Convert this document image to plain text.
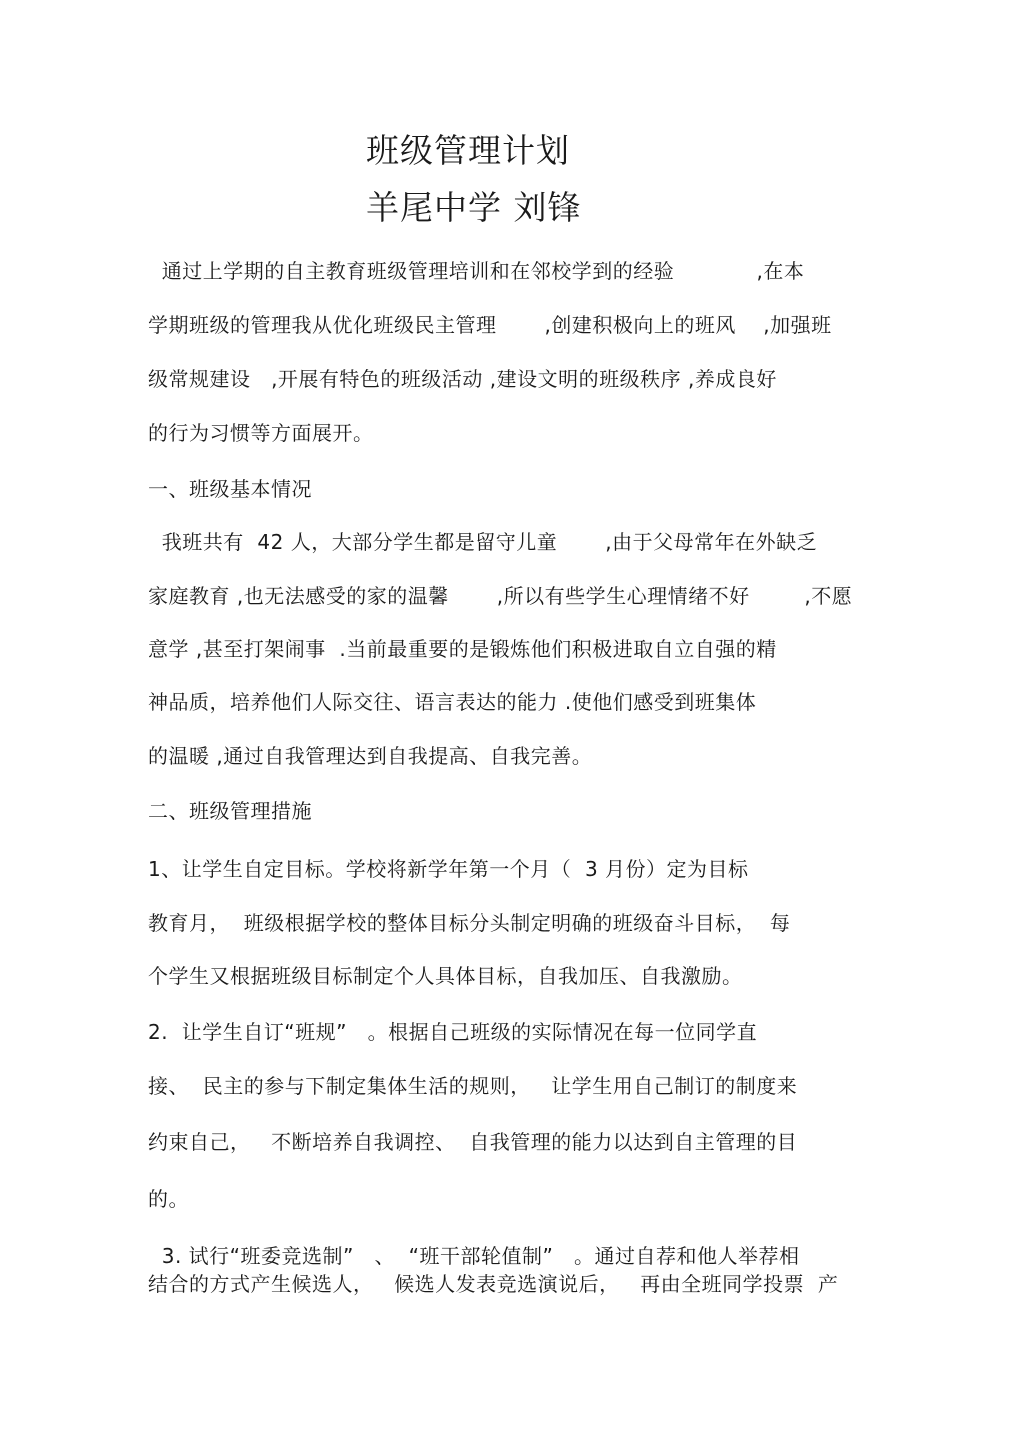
班级管理计划
羊尾中学 刘锋
通过上学期的自主教育班级管理培训和在邻校学到的经验            ,在本
学期班级的管理我从优化班级民主管理       ,创建积极向上的班风    ,加强班
级常规建设   ,开展有特色的班级活动 ,建设文明的班级秩序 ,养成良好
的行为习惯等方面展开。
一、班级基本情况
我班共有  42 人，大部分学生都是留守儿童       ,由于父母常年在外缺乏
家庭教育 ,也无法感受的家的温馨       ,所以有些学生心理情绪不好        ,不愿
意学 ,甚至打架闹事  .当前最重要的是锻炼他们积极进取自立自强的精
神品质，培养他们人际交往、语言表达的能力 .使他们感受到班集体
的温暖 ,通过自我管理达到自我提高、自我完善。
二、班级管理措施
1、让学生自定目标。学校将新学年第一个月（  3 月份）定为目标
教育月，  班级根据学校的整体目标分头制定明确的班级奋斗目标，  每
个学生又根据班级目标制定个人具体目标，自我加压、自我激励。
2.  让学生自订“班规”   。根据自己班级的实际情况在每一位同学直
接、  民主的参与下制定集体生活的规则，   让学生用自己制订的制度来
约束自己，   不断培养自我调控、  自我管理的能力以达到自主管理的目
的。
3. 试行“班委竞选制”   、  “班干部轮值制”   。通过自荐和他人举荐相
结合的方式产生候选人，   候选人发表竞选演说后，   再由全班同学投票  产
